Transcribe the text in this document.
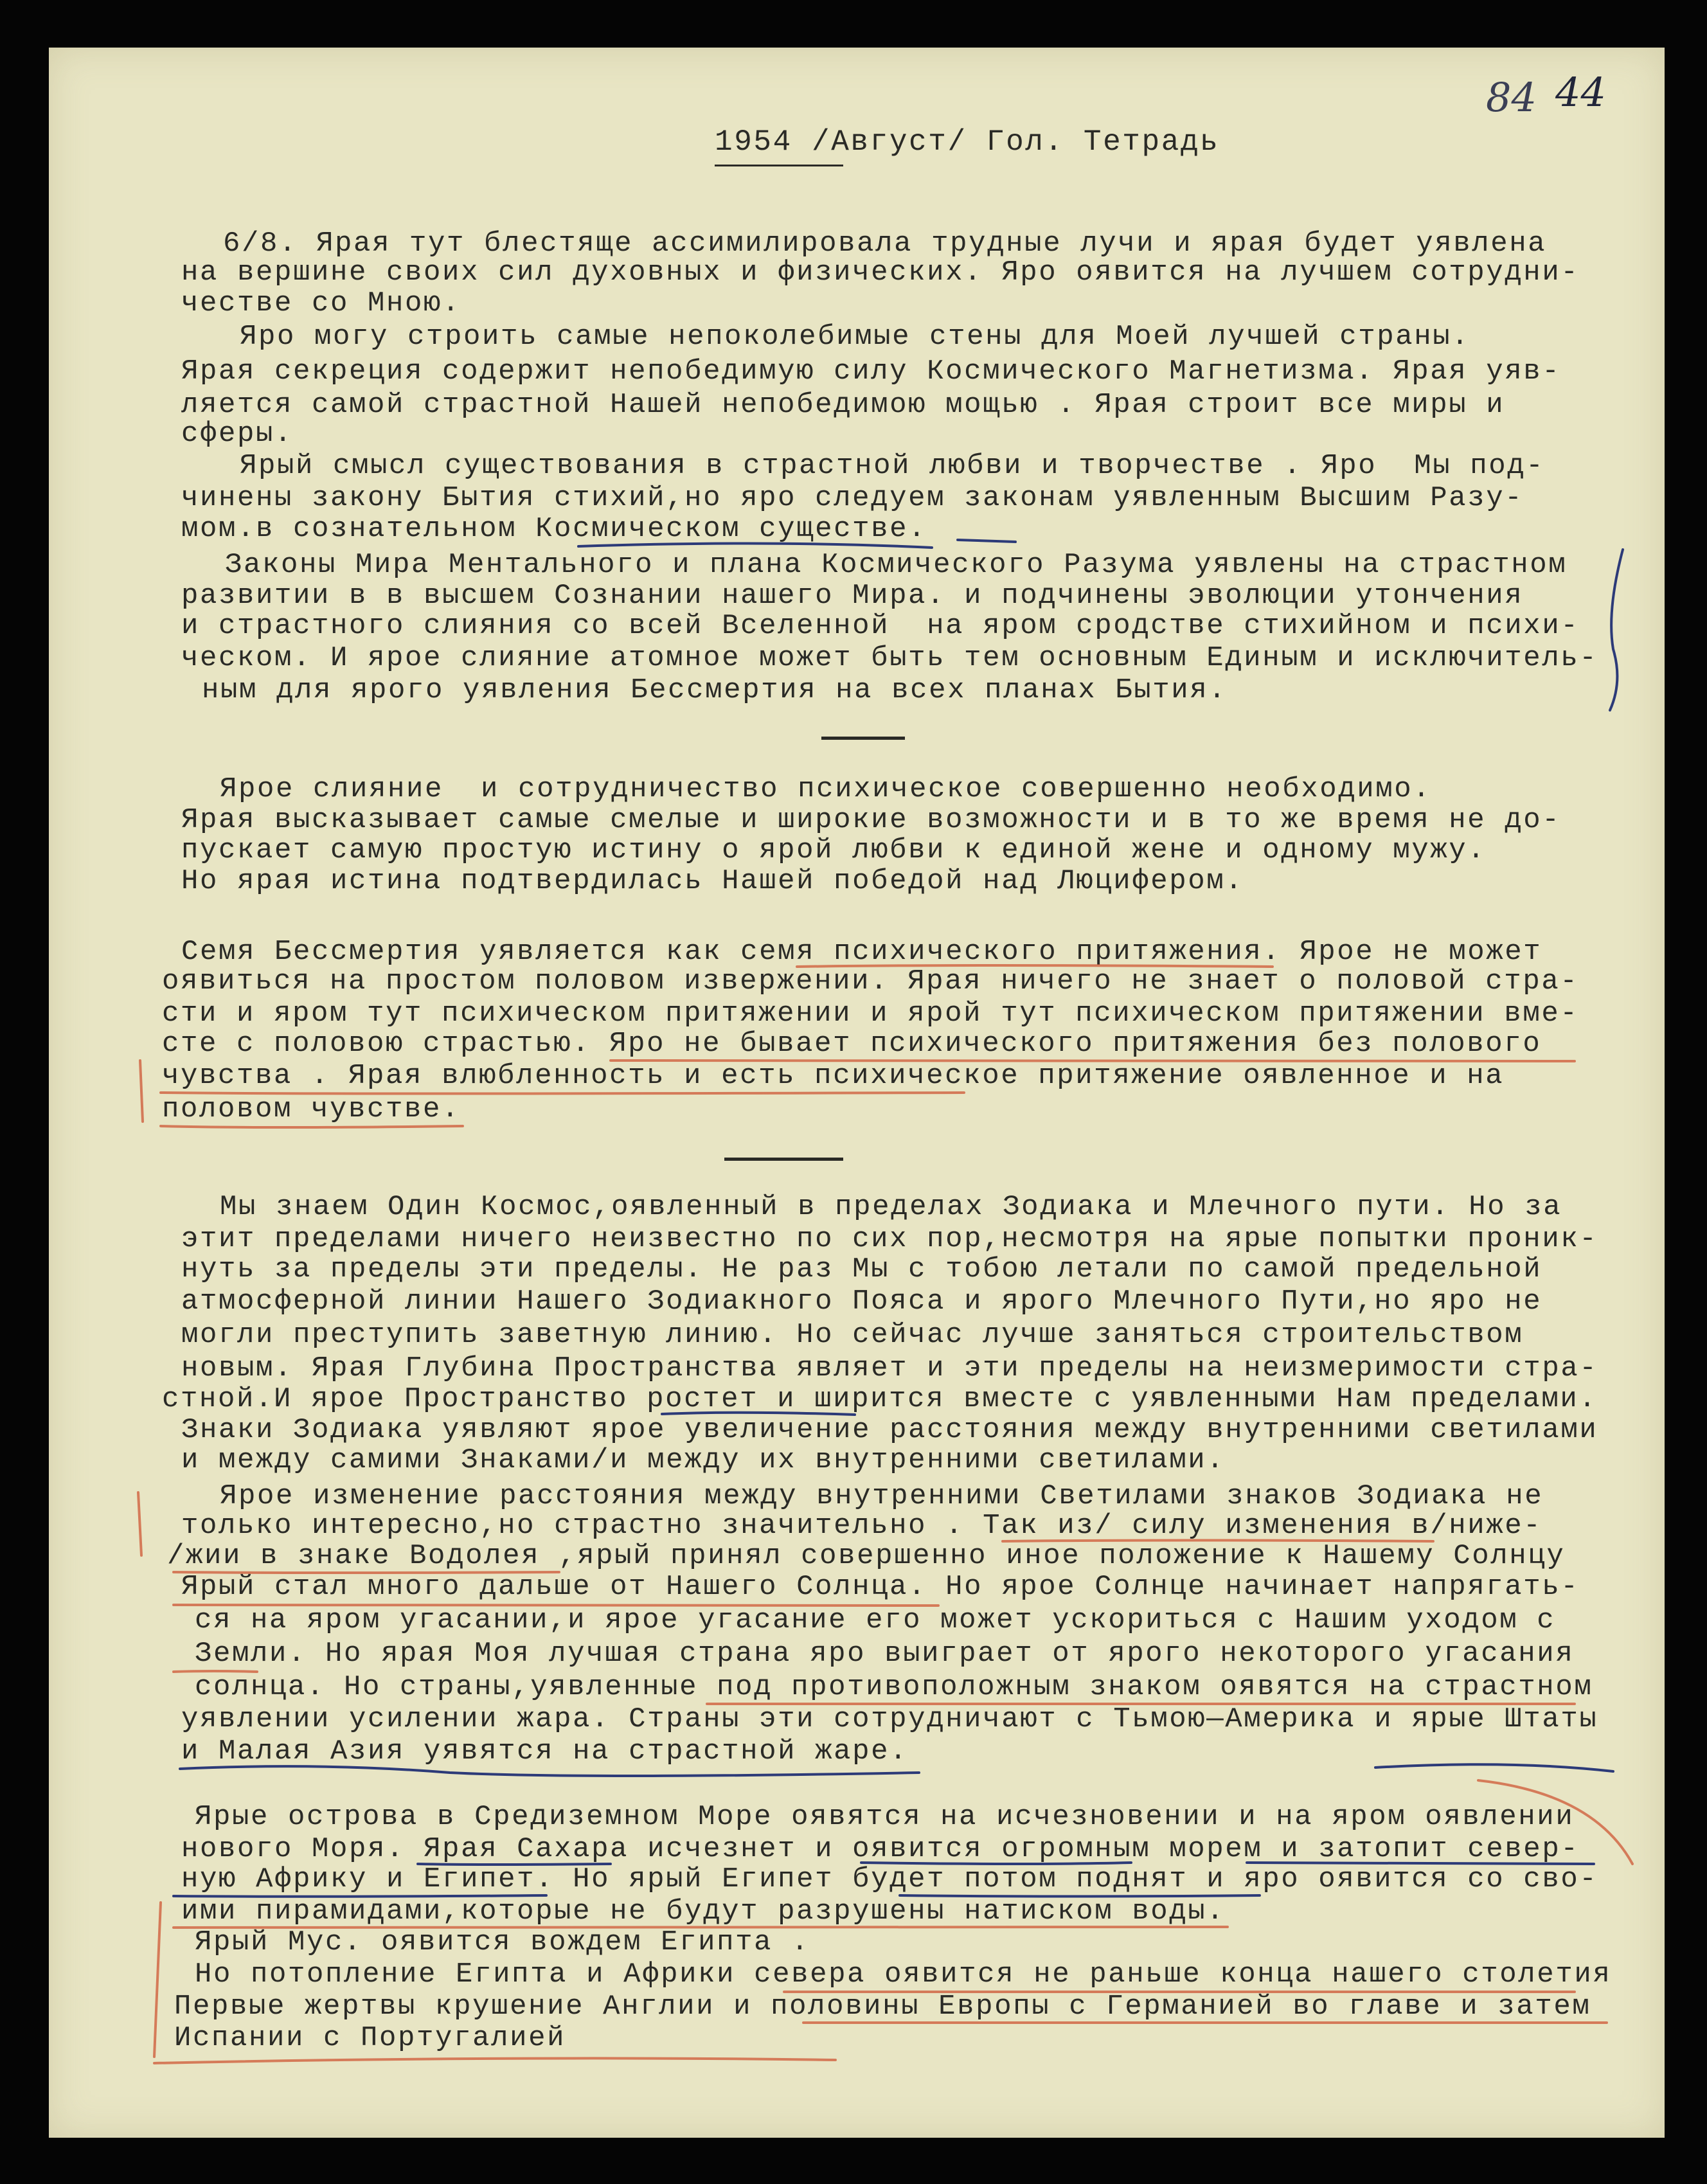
84 44
1954 /Август/ Гол. Тетрадь
6/8. Ярая тут блестяще ассимилировала трудные лучи и ярая будет уявлена
на вершине своих сил духовных и физических. Яро оявится на лучшем сотрудни-
честве со Мною.
Яро могу строить самые непоколебимые стены для Моей лучшей страны.
Ярая секреция содержит непобедимую силу Космического Магнетизма. Ярая уяв-
ляется самой страстной Нашей непобедимою мощью . Ярая строит все миры и
сферы.
Ярый смысл существования в страстной любви и творчестве . Яро  Мы под-
чинены закону Бытия стихий,но яро следуем законам уявленным Высшим Разу-
мом.в сознательном Космическом существе.
Законы Мира Ментального и плана Космического Разума уявлены на страстном
развитии в в высшем Сознании нашего Мира. и подчинены эволюции утончения
и страстного слияния со всей Вселенной  на яром сродстве стихийном и психи-
ческом. И ярое слияние атомное может быть тем основным Единым и исключитель-
ным для ярого уявления Бессмертия на всех планах Бытия.
Ярое слияние  и сотрудничество психическое совершенно необходимо.
Ярая высказывает самые смелые и широкие возможности и в то же время не до-
пускает самую простую истину о ярой любви к единой жене и одному мужу.
Но ярая истина подтвердилась Нашей победой над Люцифером.
Семя Бессмертия уявляется как семя психического притяжения. Ярое не может
оявиться на простом половом извержении. Ярая ничего не знает о половой стра-
сти и яром тут психическом притяжении и ярой тут психическом притяжении вме-
сте с половою страстью. Яро не бывает психического притяжения без полового
чувства . Ярая влюбленность и есть психическое притяжение оявленное и на
половом чувстве.
Мы знаем Один Космос,оявленный в пределах Зодиака и Млечного пути. Но за
этит пределами ничего неизвестно по сих пор,несмотря на ярые попытки проник-
нуть за пределы эти пределы. Не раз Мы с тобою летали по самой предельной
атмосферной линии Нашего Зодиакного Пояса и ярого Млечного Пути,но яро не
могли преступить заветную линию. Но сейчас лучше заняться строительством
новым. Ярая Глубина Пространства являет и эти пределы на неизмеримости стра-
стной.И ярое Пространство ростет и ширится вместе с уявленными Нам пределами.
Знаки Зодиака уявляют ярое увеличение расстояния между внутренними светилами
и между самими Знаками/и между их внутренними светилами.
Ярое изменение расстояния между внутренними Светилами знаков Зодиака не
только интересно,но страстно значительно . Так из/ силу изменения в/ниже-
/жии в знаке Водолея ,ярый принял совершенно иное положение к Нашему Солнцу
Ярый стал много дальше от Нашего Солнца. Но ярое Солнце начинает напрягать-
ся на яром угасании,и ярое угасание его может ускориться с Нашим уходом с
Земли. Но ярая Моя лучшая страна яро выиграет от ярого некоторого угасания
солнца. Но страны,уявленные под противоположным знаком оявятся на страстном
уявлении усилении жара. Страны эти сотрудничают с Тьмою—Америка и ярые Штаты
и Малая Азия уявятся на страстной жаре.
Ярые острова в Средиземном Море оявятся на исчезновении и на яром оявлении
нового Моря. Ярая Сахара исчезнет и оявится огромным морем и затопит север-
ную Африку и Египет. Но ярый Египет будет потом поднят и яро оявится со сво-
ими пирамидами,которые не будут разрушены натиском воды.
Ярый Мус. оявится вождем Египта .
Но потопление Египта и Африки севера оявится не раньше конца нашего столетия
Первые жертвы крушение Англии и половины Европы с Германией во главе и затем
Испании с Португалией
